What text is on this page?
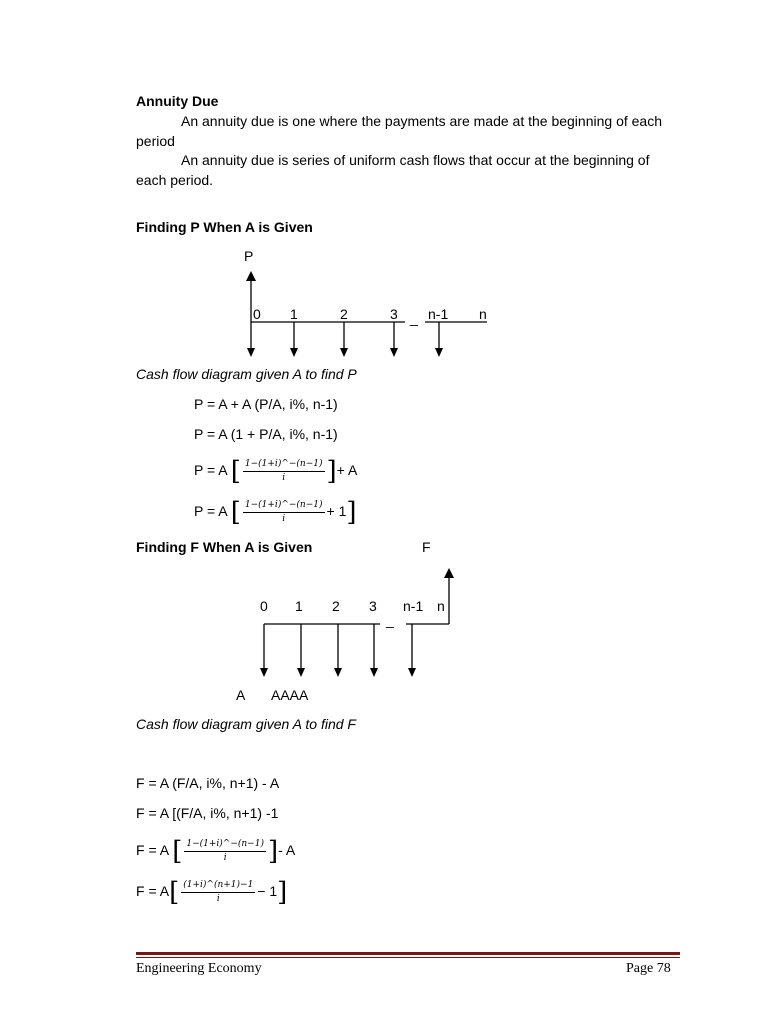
Annuity Due
An annuity due is one where the payments are made at the beginning of each period
An annuity due is series of uniform cash flows that occur at the beginning of each period.
Finding P When A is Given
P
0 1	2	3 _ n-1 n
Cash flow diagram given A to find P
P = A + A (P/A, i%, n-1)
P = A (1 + P/A, i%, n-1)
P = A [ $\frac{1-(1+i)\^{}-(n-1)}{i}$ ]+ A
P = A [ $\frac{1-(1+i)\^{}-(n-1)}{i} + 1$]
Finding F When A is Given	F
0 1 2 3
_
n-1 n
A AAAA
Cash flow diagram given A to find F
F = A (F/A, i%, n+1) - A
F = A [(F/A, i%, n+1) -1
F = A [ $\frac{1-(1+i)\^{}-(n-1)}{i}$ ]- A
$F = A[ \frac{(1+i)\^{}(n+1)-1}{i} - 1]$
Engineering Economy	Page 78
